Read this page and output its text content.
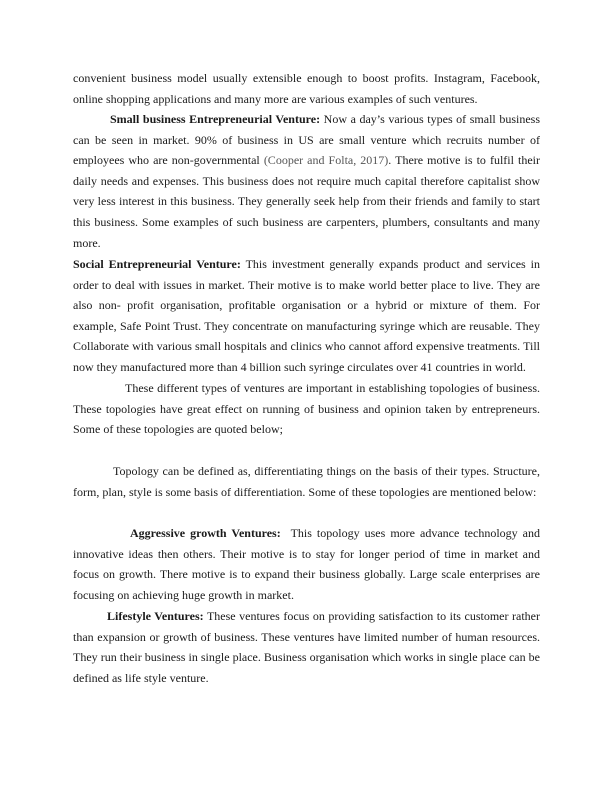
convenient business model usually extensible enough to boost profits. Instagram, Facebook, online shopping applications and many more are various examples of such ventures.

Small business Entrepreneurial Venture: Now a day’s various types of small business can be seen in market. 90% of business in US are small venture which recruits number of employees who are non-governmental (Cooper and Folta, 2017). There motive is to fulfil their daily needs and expenses. This business does not require much capital therefore capitalist show very less interest in this business. They generally seek help from their friends and family to start this business. Some examples of such business are carpenters, plumbers, consultants and many more.

Social Entrepreneurial Venture: This investment generally expands product and services in order to deal with issues in market. Their motive is to make world better place to live. They are also non- profit organisation, profitable organisation or a hybrid or mixture of them. For example, Safe Point Trust. They concentrate on manufacturing syringe which are reusable. They Collaborate with various small hospitals and clinics who cannot afford expensive treatments. Till now they manufactured more than 4 billion such syringe circulates over 41 countries in world.

These different types of ventures are important in establishing topologies of business. These topologies have great effect on running of business and opinion taken by entrepreneurs. Some of these topologies are quoted below;

Topology can be defined as, differentiating things on the basis of their types. Structure, form, plan, style is some basis of differentiation. Some of these topologies are mentioned below:

Aggressive growth Ventures:  This topology uses more advance technology and innovative ideas then others. Their motive is to stay for longer period of time in market and focus on growth. There motive is to expand their business globally. Large scale enterprises are focusing on achieving huge growth in market.

Lifestyle Ventures: These ventures focus on providing satisfaction to its customer rather than expansion or growth of business. These ventures have limited number of human resources. They run their business in single place. Business organisation which works in single place can be defined as life style venture.
